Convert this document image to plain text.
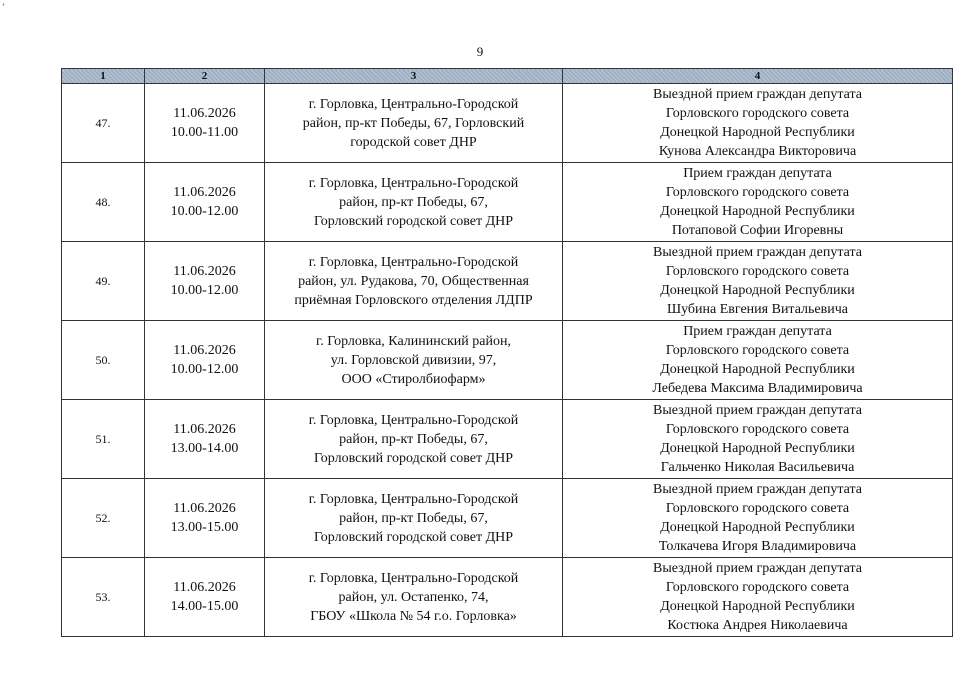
’
9
1	2	3	4
47.	11.06.2026
10.00-11.00	г. Горловка, Центрально-Городской
район, пр-кт Победы, 67, Горловский
городской совет ДНР	Выездной прием граждан депутата
Горловского городского совета
Донецкой Народной Республики
Кунова Александра Викторовича

48.	11.06.2026
10.00-12.00	г. Горловка, Центрально-Городской
район, пр-кт Победы, 67,
Горловский городской совет ДНР	Прием граждан депутата
Горловского городского совета
Донецкой Народной Республики
Потаповой Софии Игоревны

49.	11.06.2026
10.00-12.00	г. Горловка, Центрально-Городской
район, ул. Рудакова, 70, Общественная
приёмная Горловского отделения ЛДПР	Выездной прием граждан депутата
Горловского городского совета
Донецкой Народной Республики
Шубина Евгения Витальевича

50.	11.06.2026
10.00-12.00	г. Горловка, Калининский район,
ул. Горловской дивизии, 97,
ООО «Стиролбиофарм»	Прием граждан депутата
Горловского городского совета
Донецкой Народной Республики
Лебедева Максима Владимировича

51.	11.06.2026
13.00-14.00	г. Горловка, Центрально-Городской
район, пр-кт Победы, 67,
Горловский городской совет ДНР	Выездной прием граждан депутата
Горловского городского совета
Донецкой Народной Республики
Гальченко Николая Васильевича

52.	11.06.2026
13.00-15.00	г. Горловка, Центрально-Городской
район, пр-кт Победы, 67,
Горловский городской совет ДНР	Выездной прием граждан депутата
Горловского городского совета
Донецкой Народной Республики
Толкачева Игоря Владимировича

53.	11.06.2026
14.00-15.00	г. Горловка, Центрально-Городской
район, ул. Остапенко, 74,
ГБОУ «Школа № 54 г.о. Горловка»	Выездной прием граждан депутата
Горловского городского совета
Донецкой Народной Республики
Костюка Андрея Николаевича
